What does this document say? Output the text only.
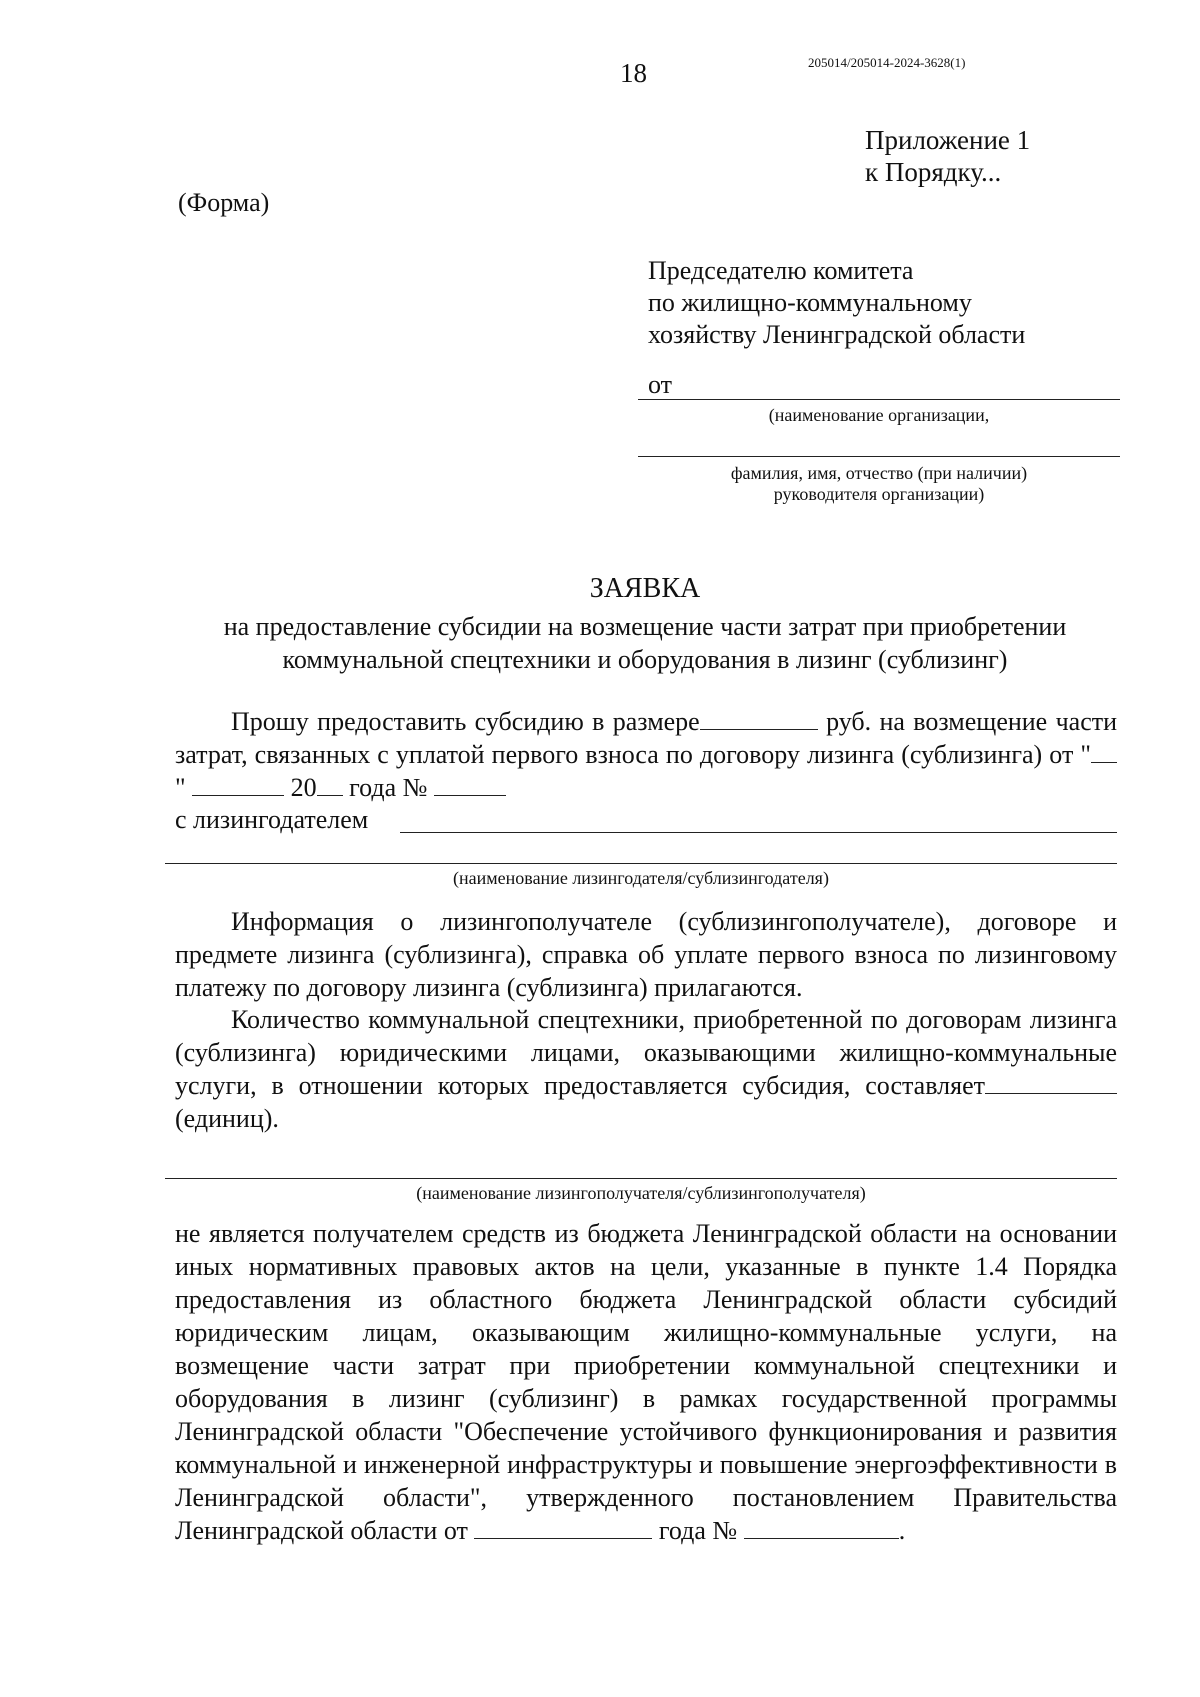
18	205014/205014-2024-3628(1)
Приложение 1
к Порядку...
(Форма)
Председателю комитета
по жилищно-коммунальному
хозяйству Ленинградской области
от
(наименование организации,
фамилия, имя, отчество (при наличии)
руководителя организации)
ЗАЯВКА
на предоставление субсидии на возмещение части затрат при приобретении
коммунальной спецтехники и оборудования в лизинг (сублизинг)

Прошу предоставить субсидию в размере	руб. на возмещение части затрат, связанных с уплатой первого взноса по договору лизинга (сублизинга) от ""	20 года №

с лизингодателем
(наименование лизингодателя/сублизингодателя)

Информация о лизингополучателе (сублизингополучателе), договоре и предмете лизинга (сублизинга), справка об уплате первого взноса по лизинговому платежу по договору лизинга (сублизинга) прилагаются.

Количество коммунальной спецтехники, приобретенной по договорам лизинга (сублизинга) юридическими лицами, оказывающими жилищно-коммунальные услуги, в отношении которых предоставляется субсидия, составляет (единиц).

(наименование лизингополучателя/сублизингополучателя)

не является получателем средств из бюджета Ленинградской области на основании иных нормативных правовых актов на цели, указанные в пункте 1.4 Порядка предоставления из областного бюджета Ленинградской области субсидий юридическим лицам, оказывающим жилищно-коммунальные услуги, на возмещение части затрат при приобретении коммунальной спецтехники и оборудования в лизинг (сублизинг) в рамках государственной программы Ленинградской области "Обеспечение устойчивого функционирования и развития коммунальной и инженерной инфраструктуры и повышение энергоэффективности в Ленинградской области", утвержденного постановлением Правительства Ленинградской области от	года №	.
